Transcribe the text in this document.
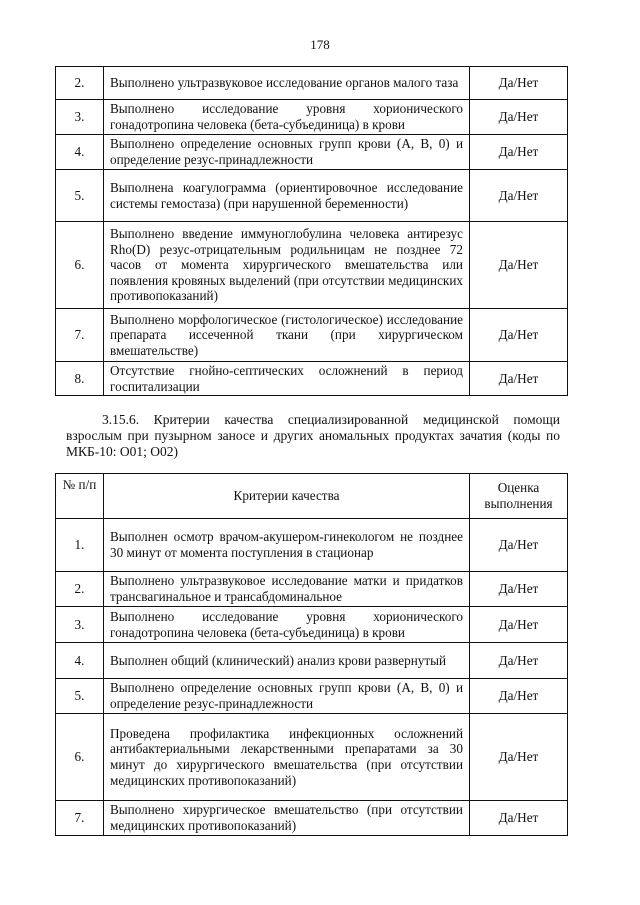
178
2.	Выполнено ультразвуковое исследование органов малого таза	Да/Нет
3.	Выполнено исследование уровня хорионического гонадотропина человека (бета-субъединица) в крови	Да/Нет
4.	Выполнено определение основных групп крови (А, В, 0) и определение резус-принадлежности	Да/Нет
5.	Выполнена коагулограмма (ориентировочное исследование системы гемостаза) (при нарушенной беременности)	Да/Нет
6.	Выполнено введение иммуноглобулина человека антирезус Rho(D) резус-отрицательным родильницам не позднее 72 часов от момента хирургического вмешательства или появления кровяных выделений (при отсутствии медицинских противопоказаний)	Да/Нет
7.	Выполнено морфологическое (гистологическое) исследование препарата иссеченной ткани (при хирургическом вмешательстве)	Да/Нет
8.	Отсутствие гнойно-септических осложнений в период госпитализации	Да/Нет
3.15.6. Критерии качества специализированной медицинской помощи взрослым при пузырном заносе и других аномальных продуктах зачатия (коды по МКБ-10: O01; O02)
№ п/п	Критерии качества	Оценка выполнения
1.	Выполнен осмотр врачом-акушером-гинекологом не позднее 30 минут от момента поступления в стационар	Да/Нет
2.	Выполнено ультразвуковое исследование матки и придатков трансвагинальное и трансабдоминальное	Да/Нет
3.	Выполнено исследование уровня хорионического гонадотропина человека (бета-субъединица) в крови	Да/Нет
4.	Выполнен общий (клинический) анализ крови развернутый	Да/Нет
5.	Выполнено определение основных групп крови (А, В, 0) и определение резус-принадлежности	Да/Нет
6.	Проведена профилактика инфекционных осложнений антибактериальными лекарственными препаратами за 30 минут до хирургического вмешательства (при отсутствии медицинских противопоказаний)	Да/Нет
7.	Выполнено хирургическое вмешательство (при отсутствии медицинских противопоказаний)	Да/Нет
